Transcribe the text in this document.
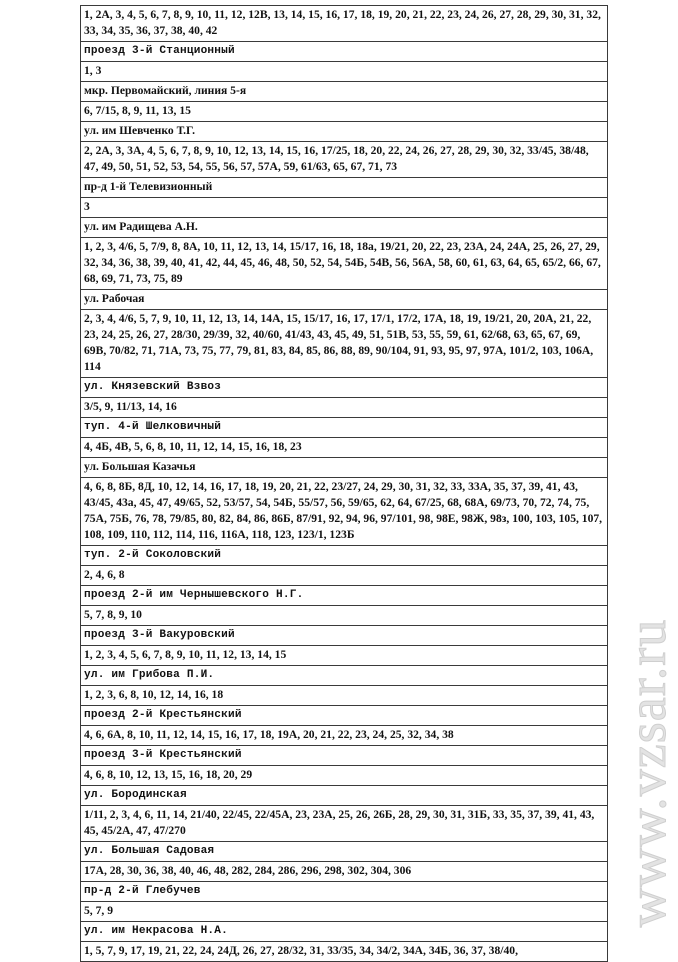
1, 2А, 3, 4, 5, 6, 7, 8, 9, 10, 11, 12, 12В, 13, 14, 15, 16, 17, 18, 19, 20, 21, 22, 23, 24, 26, 27, 28, 29, 30, 31, 32, 33, 34, 35, 36, 37, 38, 40, 42
проезд 3-й Станционный
1, 3
мкр. Первомайский, линия 5-я
6, 7/15, 8, 9, 11, 13, 15
ул. им Шевченко Т.Г.
2, 2А, 3, 3А, 4, 5, 6, 7, 8, 9, 10, 12, 13, 14, 15, 16, 17/25, 18, 20, 22, 24, 26, 27, 28, 29, 30, 32, 33/45, 38/48, 47, 49, 50, 51, 52, 53, 54, 55, 56, 57, 57А, 59, 61/63, 65, 67, 71, 73
пр-д 1-й Телевизионный
3
ул. им Радищева А.Н.
1, 2, 3, 4/6, 5, 7/9, 8, 8А, 10, 11, 12, 13, 14, 15/17, 16, 18, 18а, 19/21, 20, 22, 23, 23А, 24, 24А, 25, 26, 27, 29, 32, 34, 36, 38, 39, 40, 41, 42, 44, 45, 46, 48, 50, 52, 54, 54Б, 54В, 56, 56А, 58, 60, 61, 63, 64, 65, 65/2, 66, 67, 68, 69, 71, 73, 75, 89
ул. Рабочая
2, 3, 4, 4/6, 5, 7, 9, 10, 11, 12, 13, 14, 14А, 15, 15/17, 16, 17, 17/1, 17/2, 17А, 18, 19, 19/21, 20, 20А, 21, 22, 23, 24, 25, 26, 27, 28/30, 29/39, 32, 40/60, 41/43, 43, 45, 49, 51, 51В, 53, 55, 59, 61, 62/68, 63, 65, 67, 69, 69В, 70/82, 71, 71А, 73, 75, 77, 79, 81, 83, 84, 85, 86, 88, 89, 90/104, 91, 93, 95, 97, 97А, 101/2, 103, 106А, 114
ул. Князевский Взвоз
3/5, 9, 11/13, 14, 16
туп. 4-й Шелковичный
4, 4Б, 4В, 5, 6, 8, 10, 11, 12, 14, 15, 16, 18, 23
ул. Большая Казачья
4, 6, 8, 8Б, 8Д, 10, 12, 14, 16, 17, 18, 19, 20, 21, 22, 23/27, 24, 29, 30, 31, 32, 33, 33А, 35, 37, 39, 41, 43, 43/45, 43а, 45, 47, 49/65, 52, 53/57, 54, 54Б, 55/57, 56, 59/65, 62, 64, 67/25, 68, 68А, 69/73, 70, 72, 74, 75, 75А, 75Б, 76, 78, 79/85, 80, 82, 84, 86, 86Б, 87/91, 92, 94, 96, 97/101, 98, 98Е, 98Ж, 98з, 100, 103, 105, 107, 108, 109, 110, 112, 114, 116, 116А, 118, 123, 123/1, 123Б
туп. 2-й Соколовский
2, 4, 6, 8
проезд 2-й им Чернышевского Н.Г.
5, 7, 8, 9, 10
проезд 3-й Вакуровский
1, 2, 3, 4, 5, 6, 7, 8, 9, 10, 11, 12, 13, 14, 15
ул. им Грибова П.И.
1, 2, 3, 6, 8, 10, 12, 14, 16, 18
проезд 2-й Крестьянский
4, 6, 6А, 8, 10, 11, 12, 14, 15, 16, 17, 18, 19А, 20, 21, 22, 23, 24, 25, 32, 34, 38
проезд 3-й Крестьянский
4, 6, 8, 10, 12, 13, 15, 16, 18, 20, 29
ул. Бородинская
1/11, 2, 3, 4, 6, 11, 14, 21/40, 22/45, 22/45А, 23, 23А, 25, 26, 26Б, 28, 29, 30, 31, 31Б, 33, 35, 37, 39, 41, 43, 45, 45/2А, 47, 47/270
ул. Большая Садовая
17А, 28, 30, 36, 38, 40, 46, 48, 282, 284, 286, 296, 298, 302, 304, 306
пр-д 2-й Глебучев
5, 7, 9
ул. им Некрасова Н.А.
1, 5, 7, 9, 17, 19, 21, 22, 24, 24Д, 26, 27, 28/32, 31, 33/35, 34, 34/2, 34А, 34Б, 36, 37, 38/40,
www.vzsar.ru
